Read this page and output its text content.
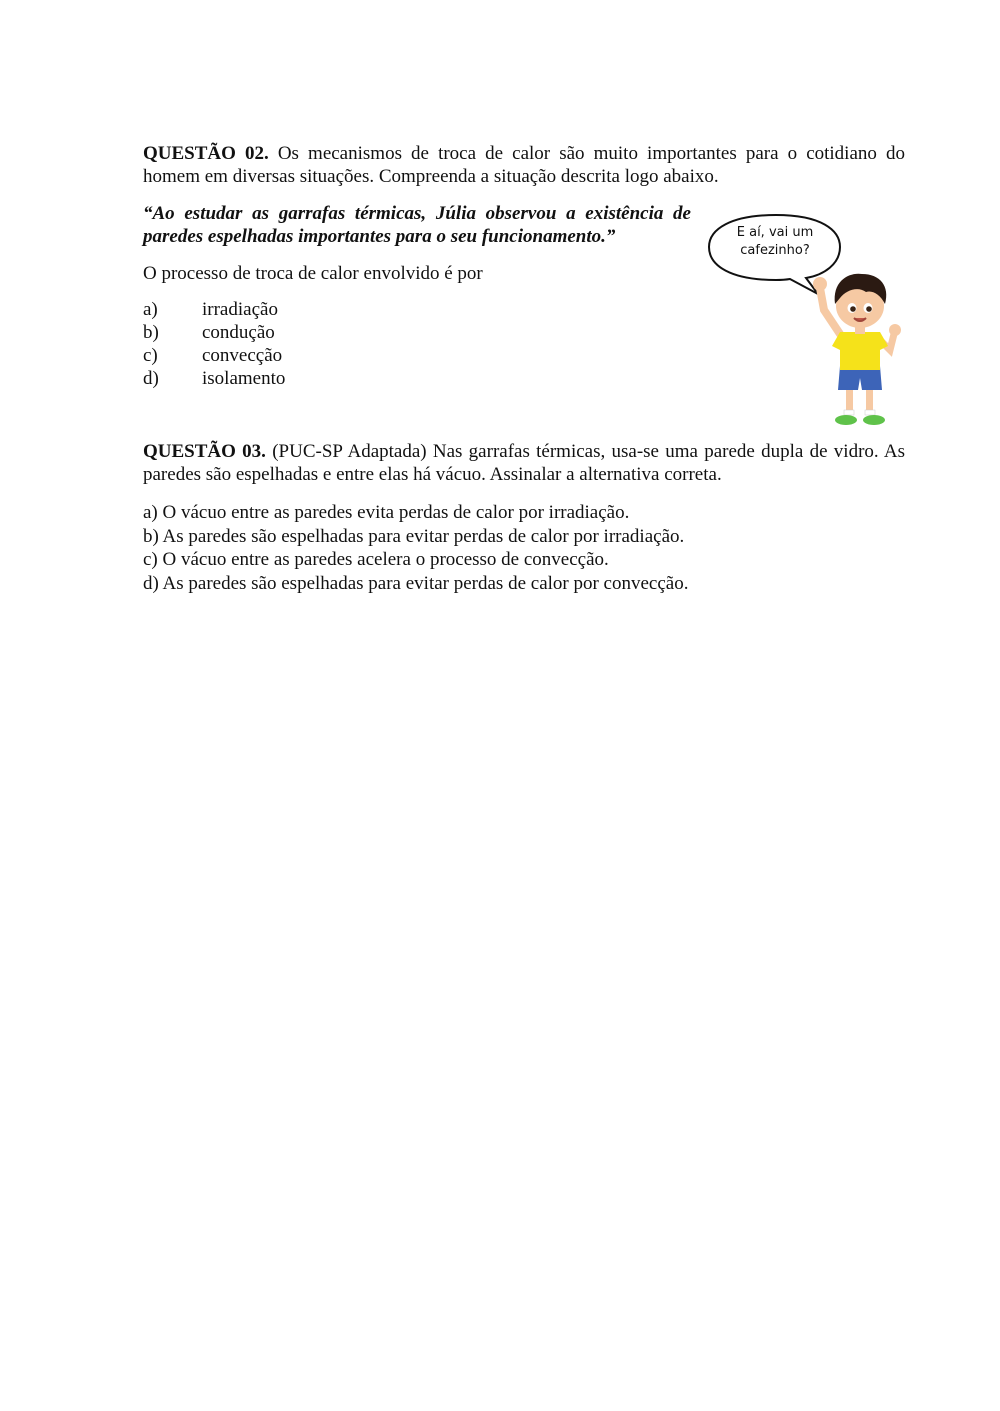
QUESTÃO 02. Os mecanismos de troca de calor são muito importantes para o cotidiano do homem em diversas situações. Compreenda a situação descrita logo abaixo.

“Ao estudar as garrafas térmicas, Júlia observou a existência de paredes espelhadas importantes para o seu funcionamento.”

O processo de troca de calor envolvido é por
a)	irradiação
b)	condução
c)	convecção
d)	isolamento
E aí, vai um
cafezinho?

QUESTÃO 03. (PUC-SP Adaptada) Nas garrafas térmicas, usa-se uma parede dupla de vidro. As paredes são espelhadas e entre elas há vácuo. Assinalar a alternativa correta.

a) O vácuo entre as paredes evita perdas de calor por irradiação.
b) As paredes são espelhadas para evitar perdas de calor por irradiação.
c) O vácuo entre as paredes acelera o processo de convecção.
d) As paredes são espelhadas para evitar perdas de calor por convecção.
